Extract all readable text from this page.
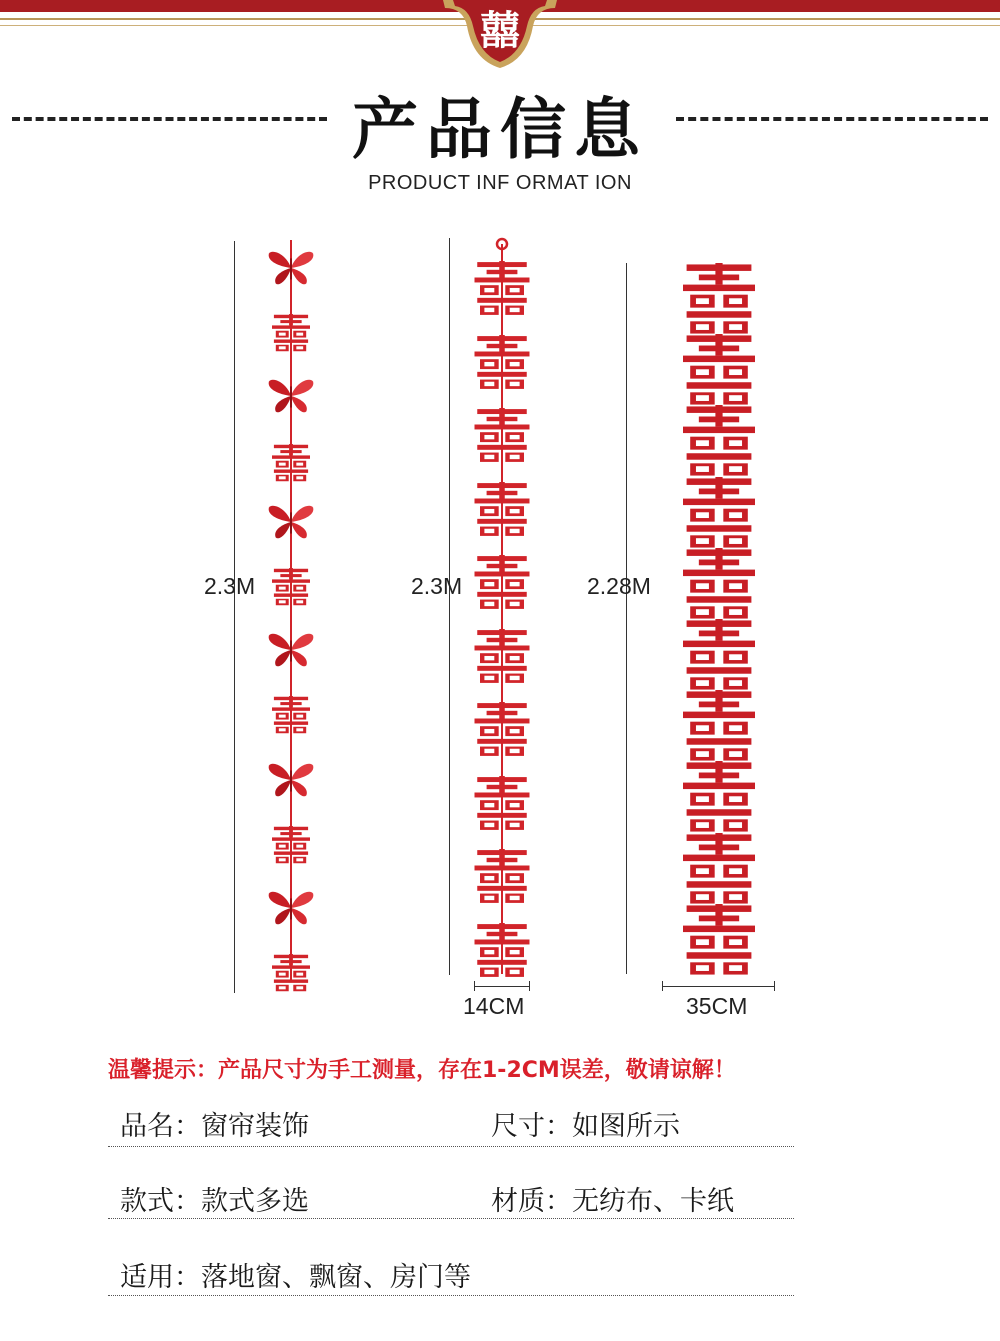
囍
产品信息
PRODUCT INF ORMAT ION
2.3M	2.3M
14CM
2.28M
35CM
温馨提示：产品尺寸为手工测量，存在1-2CM误差，敬请谅解！
品名：窗帘装饰	尺寸：如图所示
款式：款式多选	材质：无纺布、卡纸
适用：落地窗、飘窗、房门等
